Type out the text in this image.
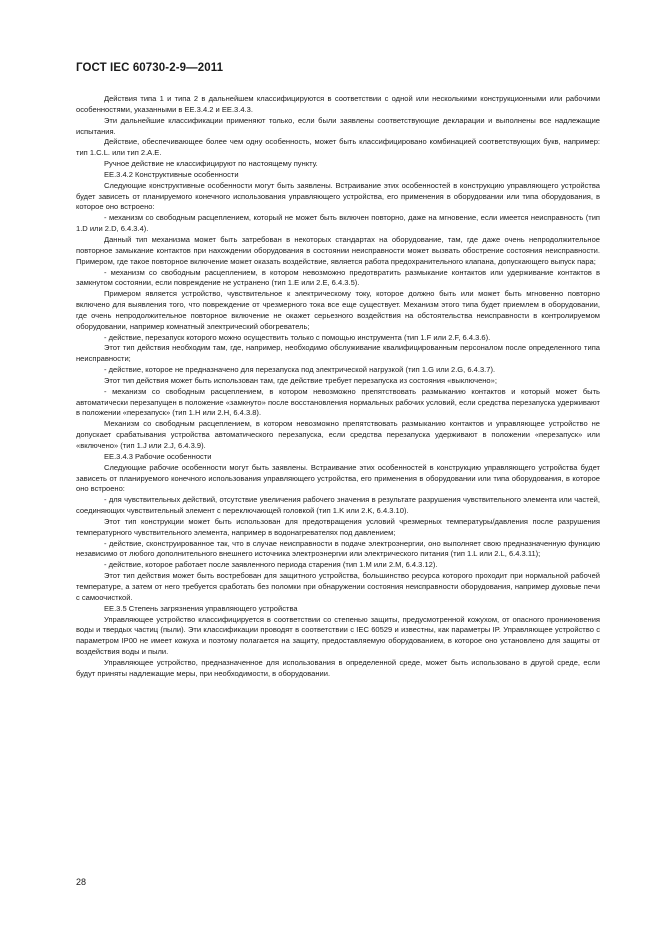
ГОСТ IEC 60730-2-9—2011

Действия типа 1 и типа 2 в дальнейшем классифицируются в соответствии с одной или несколькими конструкционными или рабочими особенностями, указанными в EE.3.4.2 и EE.3.4.3.

Эти дальнейшие классификации применяют только, если были заявлены соответствующие декларации и выполнены все надлежащие испытания.

Действие, обеспечивающее более чем одну особенность, может быть классифицировано комбинацией соответствующих букв, например: тип 1.C.L. или тип 2.A.E.

Ручное действие не классифицируют по настоящему пункту.

EE.3.4.2 Конструктивные особенности

Следующие конструктивные особенности могут быть заявлены. Встраивание этих особенностей в конструкцию управляющего устройства будет зависеть от планируемого конечного использования управляющего устройства, его применения в оборудовании или типа оборудования, в которое оно встроено:

- механизм со свободным расцеплением, который не может быть включен повторно, даже на мгновение, если имеется неисправность (тип 1.D или 2.D, 6.4.3.4).

Данный тип механизма может быть затребован в некоторых стандартах на оборудование, там, где даже очень непродолжительное повторное замыкание контактов при нахождении оборудования в состоянии неисправности может вызвать обострение состояния неисправности. Примером, где такое повторное включение может оказать воздействие, является работа предохранительного клапана, допускающего выпуск пара;

- механизм со свободным расцеплением, в котором невозможно предотвратить размыкание контактов или удерживание контактов в замкнутом состоянии, если повреждение не устранено (тип 1.E или 2.E, 6.4.3.5).

Примером является устройство, чувствительное к электрическому току, которое должно быть или может быть мгновенно повторно включено для выявления того, что повреждение от чрезмерного тока все еще существует. Механизм этого типа будет приемлем в оборудовании, где очень непродолжительное повторное включение не окажет серьезного воздействия на обстоятельства неисправности в контролируемом оборудовании, например комнатный электрический обогреватель;

- действие, перезапуск которого можно осуществить только с помощью инструмента (тип 1.F или 2.F, 6.4.3.6).

Этот тип действия необходим там, где, например, необходимо обслуживание квалифицированным персоналом после определенного типа неисправности;

- действие, которое не предназначено для перезапуска под электрической нагрузкой (тип 1.G или 2.G, 6.4.3.7).

Этот тип действия может быть использован там, где действие требует перезапуска из состояния «выключено»;

- механизм со свободным расцеплением, в котором невозможно препятствовать размыканию контактов и который может быть автоматически перезапущен в положение «замкнуто» после восстановления нормальных рабочих условий, если средства перезапуска удерживают в положении «перезапуск» (тип 1.H или 2.H, 6.4.3.8).

Механизм со свободным расцеплением, в котором невозможно препятствовать размыканию контактов и управляющее устройство не допускает срабатывания устройства автоматического перезапуска, если средства перезапуска удерживают в положении «перезапуск» или «включено» (тип 1.J или 2.J, 6.4.3.9).

EE.3.4.3 Рабочие особенности

Следующие рабочие особенности могут быть заявлены. Встраивание этих особенностей в конструкцию управляющего устройства будет зависеть от планируемого конечного использования управляющего устройства, его применения в оборудовании или типа оборудования, в которое оно встроено:

- для чувствительных действий, отсутствие увеличения рабочего значения в результате разрушения чувствительного элемента или частей, соединяющих чувствительный элемент с переключающей головкой (тип 1.K или 2.K, 6.4.3.10).

Этот тип конструкции может быть использован для предотвращения условий чрезмерных температуры/давления после разрушения температурного чувствительного элемента, например в водонагревателях под давлением;

- действие, сконструированное так, что в случае неисправности в подаче электроэнергии, оно выполняет свою предназначенную функцию независимо от любого дополнительного внешнего источника электроэнергии или электрического питания (тип 1.L или 2.L, 6.4.3.11);

- действие, которое работает после заявленного периода старения (тип 1.M или 2.M, 6.4.3.12).

Этот тип действия может быть востребован для защитного устройства, большинство ресурса которого проходит при нормальной рабочей температуре, а затем от него требуется сработать без поломки при обнаружении состояния неисправности оборудования, например духовые печи с самоочисткой.

EE.3.5 Степень загрязнения управляющего устройства

Управляющее устройство классифицируется в соответствии со степенью защиты, предусмотренной кожухом, от опасного проникновения воды и твердых частиц (пыли). Эти классификации проводят в соответствии с IEC 60529 и известны, как параметры IP. Управляющее устройство с параметром IP00 не имеет кожуха и поэтому полагается на защиту, предоставляемую оборудованием, в которое оно установлено для защиты от воздействия воды и пыли.

Управляющее устройство, предназначенное для использования в определенной среде, может быть использовано в другой среде, если будут приняты надлежащие меры, при необходимости, в оборудовании.

28
